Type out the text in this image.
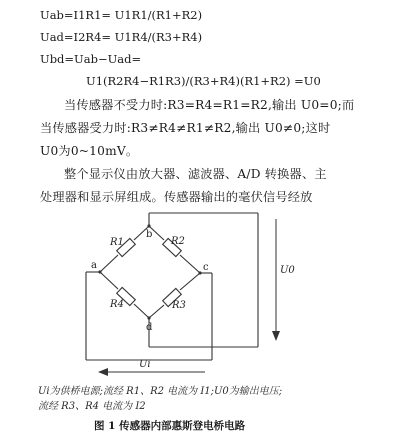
Uab=I1R1= U1R1/(R1+R2)
Uad=I2R4= U1R4/(R3+R4)
Ubd=Uab−Uad=
U1(R2R4−R1R3)/(R3+R4)(R1+R2) =U0
当传感器不受力时:R3=R4=R1=R2,输出 U0=0;而
当传感器受力时:R3≠R4≠R1≠R2,输出 U0≠0;这时
U0为0~10mV。
整个显示仪由放大器、滤波器、A/D 转换器、主
处理器和显示屏组成。传感器输出的毫伏信号经放
a
b
c
d
R1	R2
R4	R3
U0
Ui
Ui为供桥电源;流经 R1、R2 电流为 I1;U0为输出电压;
流经 R3、R4 电流为 I2
图 1 传感器内部惠斯登电桥电路
